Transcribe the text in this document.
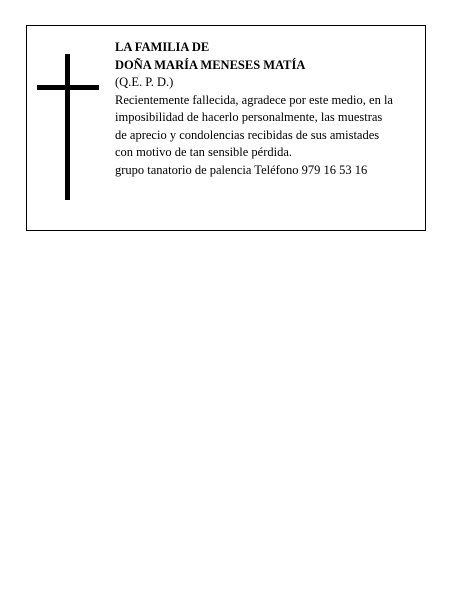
LA FAMILIA DE
DOÑA MARÍA MENESES MATÍA
(Q.E. P. D.)
Recientemente fallecida, agradece por este medio, en la
imposibilidad de hacerlo personalmente, las muestras
de aprecio y condolencias recibidas de sus amistades
con motivo de tan sensible pérdida.
grupo tanatorio de palencia Teléfono 979 16 53 16
